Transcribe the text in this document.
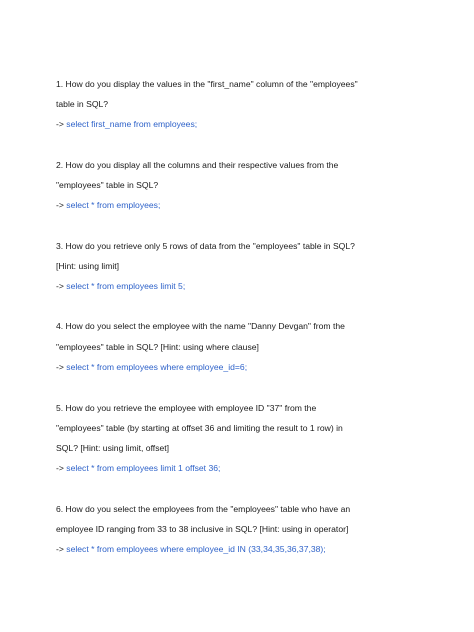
1. How do you display the values in the "first_name" column of the "employees"
table in SQL?
-> select first_name from employees;
2. How do you display all the columns and their respective values from the
"employees" table in SQL?
-> select * from employees;
3. How do you retrieve only 5 rows of data from the "employees" table in SQL?
[Hint: using limit]
-> select * from employees limit 5;
4. How do you select the employee with the name "Danny Devgan" from the
"employees" table in SQL? [Hint: using where clause]
-> select * from employees where employee_id=6;
5. How do you retrieve the employee with employee ID "37" from the
"employees" table (by starting at offset 36 and limiting the result to 1 row) in
SQL? [Hint: using limit, offset]
-> select * from employees limit 1 offset 36;
6. How do you select the employees from the "employees" table who have an
employee ID ranging from 33 to 38 inclusive in SQL? [Hint: using in operator]
-> select * from employees where employee_id IN (33,34,35,36,37,38);
